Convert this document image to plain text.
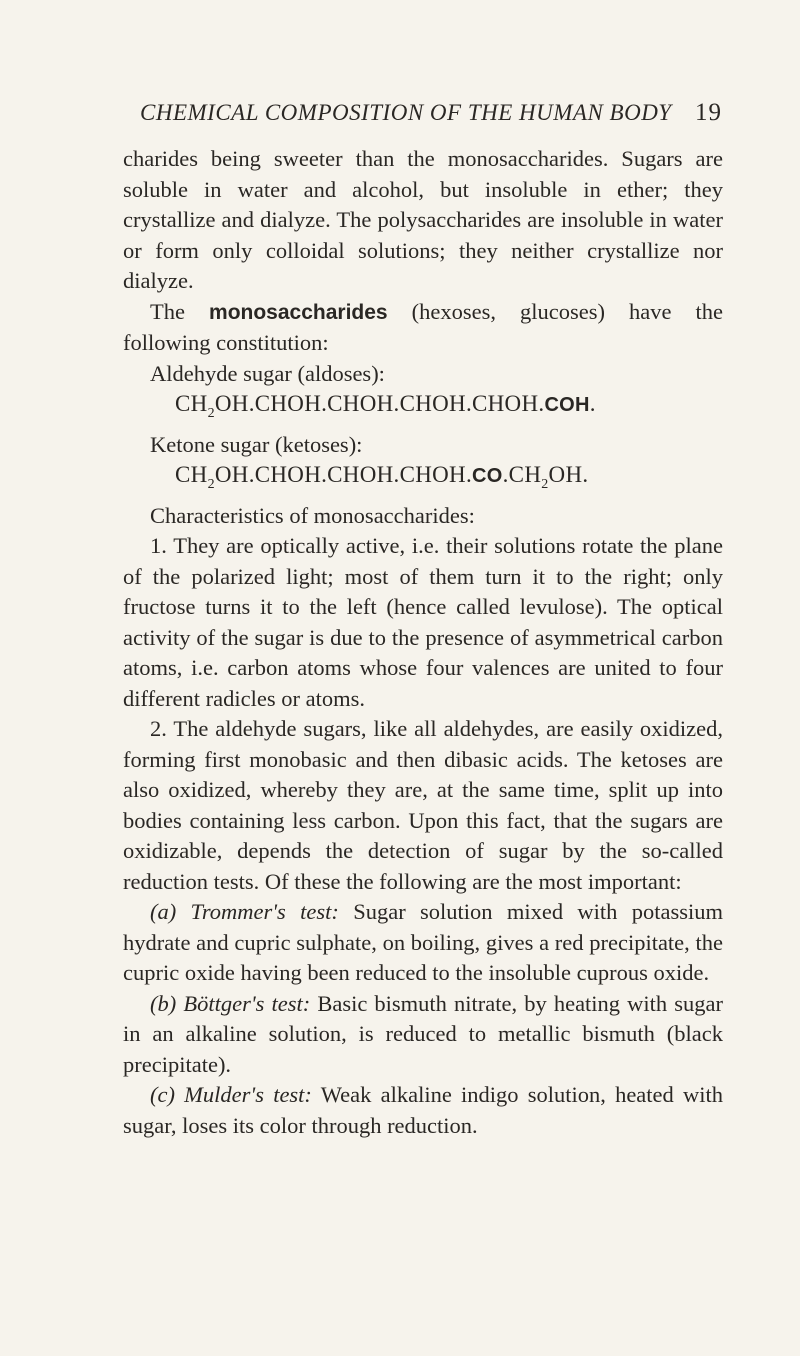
CHEMICAL COMPOSITION OF THE HUMAN BODY 19

charides being sweeter than the monosaccharides. Sugars are soluble in water and alcohol, but insoluble in ether; they crystallize and dialyze. The polysaccharides are insoluble in water or form only colloidal solutions; they neither crystallize nor dialyze.

The monosaccharides (hexoses, glucoses) have the following constitution:

Aldehyde sugar (aldoses):

$CH_2OH.CHOH.CHOH.CHOH.CHOH.COH$.

Ketone sugar (ketoses):

$CH_2OH.CHOH.CHOH.CHOH.CO.CH_2OH$.

Characteristics of monosaccharides:

1. They are optically active, i.e. their solutions rotate the plane of the polarized light; most of them turn it to the right; only fructose turns it to the left (hence called levulose). The optical activity of the sugar is due to the presence of asymmetrical carbon atoms, i.e. carbon atoms whose four valences are united to four different radicles or atoms.

2. The aldehyde sugars, like all aldehydes, are easily oxidized, forming first monobasic and then dibasic acids. The ketoses are also oxidized, whereby they are, at the same time, split up into bodies containing less carbon. Upon this fact, that the sugars are oxidizable, depends the detection of sugar by the so-called reduction tests. Of these the following are the most important:

(a) Trommer's test: Sugar solution mixed with potassium hydrate and cupric sulphate, on boiling, gives a red precipitate, the cupric oxide having been reduced to the insoluble cuprous oxide.

(b) Böttger's test: Basic bismuth nitrate, by heating with sugar in an alkaline solution, is reduced to metallic bismuth (black precipitate).

(c) Mulder's test: Weak alkaline indigo solution, heated with sugar, loses its color through reduction.
